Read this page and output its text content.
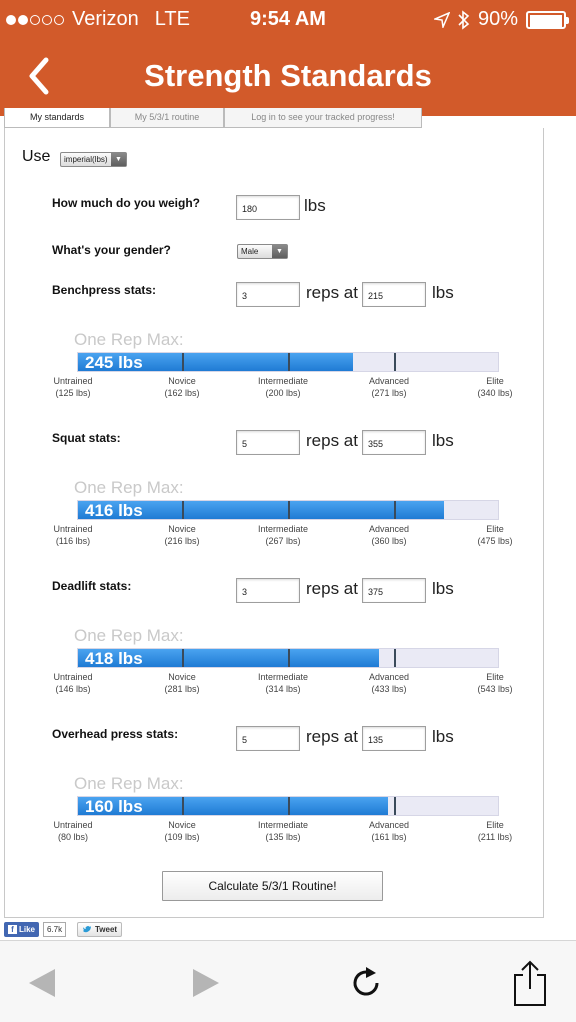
Verizon LTE	9:54 AM	90%
Strength Standards
My standards	My 5/3/1 routine	Log in to see your tracked progress!
Use imperial(lbs)	▼
How much do you weigh?	180	lbs
What's your gender?	Male	▼
Benchpress stats:	3	reps at	215	lbs
One Rep Max:
245 lbs
Untrained
(125 lbs)
Novice
(162 lbs)
Intermediate
(200 lbs)
Advanced
(271 lbs)
Elite
(340 lbs)
Squat stats:	5	reps at	355	lbs
One Rep Max:
416 lbs
Untrained
(116 lbs)
Novice
(216 lbs)
Intermediate
(267 lbs)
Advanced
(360 lbs)
Elite
(475 lbs)
Deadlift stats:	3	reps at	375	lbs
One Rep Max:
418 lbs
Untrained
(146 lbs)
Novice
(281 lbs)
Intermediate
(314 lbs)
Advanced
(433 lbs)
Elite
(543 lbs)
Overhead press stats:	5	reps at	135	lbs
One Rep Max:
160 lbs
Untrained
(80 lbs)
Novice
(109 lbs)
Intermediate
(135 lbs)
Advanced
(161 lbs)
Elite
(211 lbs)
Calculate 5/3/1 Routine!
f Like	6.7k	Tweet
